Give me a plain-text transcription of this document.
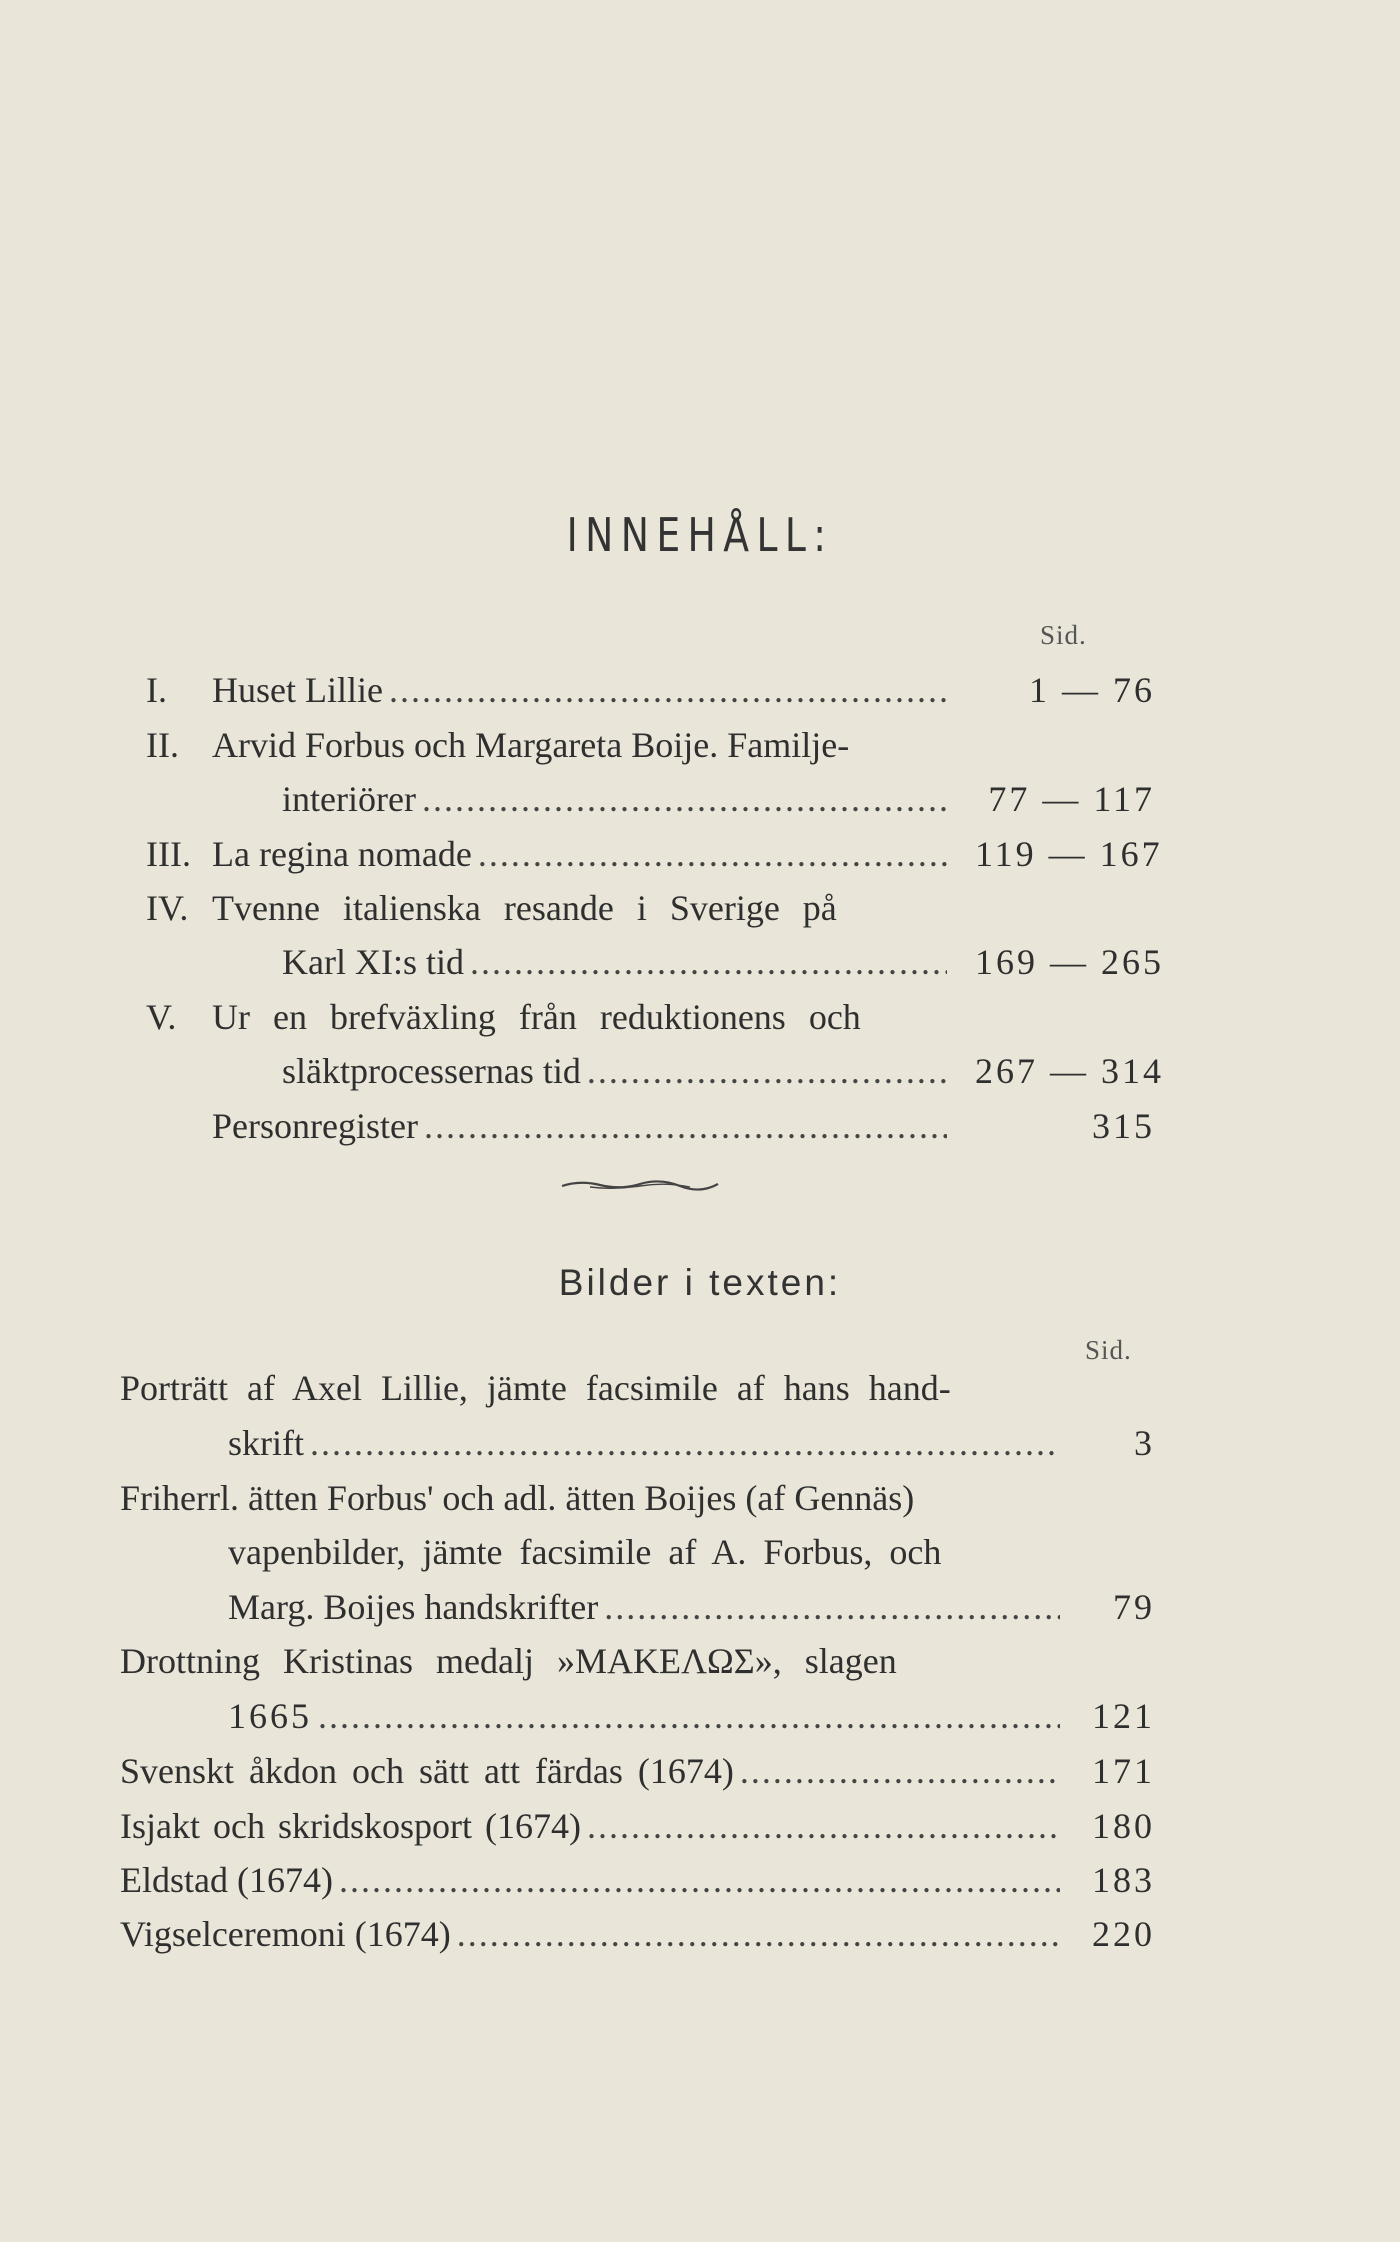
INNEHÅLL:
Sid.
I. Huset Lillie .....	1 — 76
II. Arvid Forbus och Margareta Boije. Familje-
interiörer .....	77 — 117
III. La regina nomade .....	119 — 167
IV. Tvenne italienska resande i Sverige på
Karl XI:s tid .....	169 — 265
V. Ur en brefväxling från reduktionens och
släktprocessernas tid .....	267 — 314
Personregister .....	315
Bilder i texten:
Sid.
Porträtt af Axel Lillie, jämte facsimile af hans hand-
skrift .....	3
Friherrl. ätten Forbus' och adl. ätten Boijes (af Gennäs)
vapenbilder, jämte facsimile af A. Forbus, och
Marg. Boijes handskrifter .....	79
Drottning Kristinas medalj »ΜΑΚΕΛΩΣ», slagen
1665 .....	121
Svenskt åkdon och sätt att färdas (1674) .....	171
Isjakt och skridskosport (1674) .....	180
Eldstad (1674) .....	183
Vigselceremoni (1674) .....	220
